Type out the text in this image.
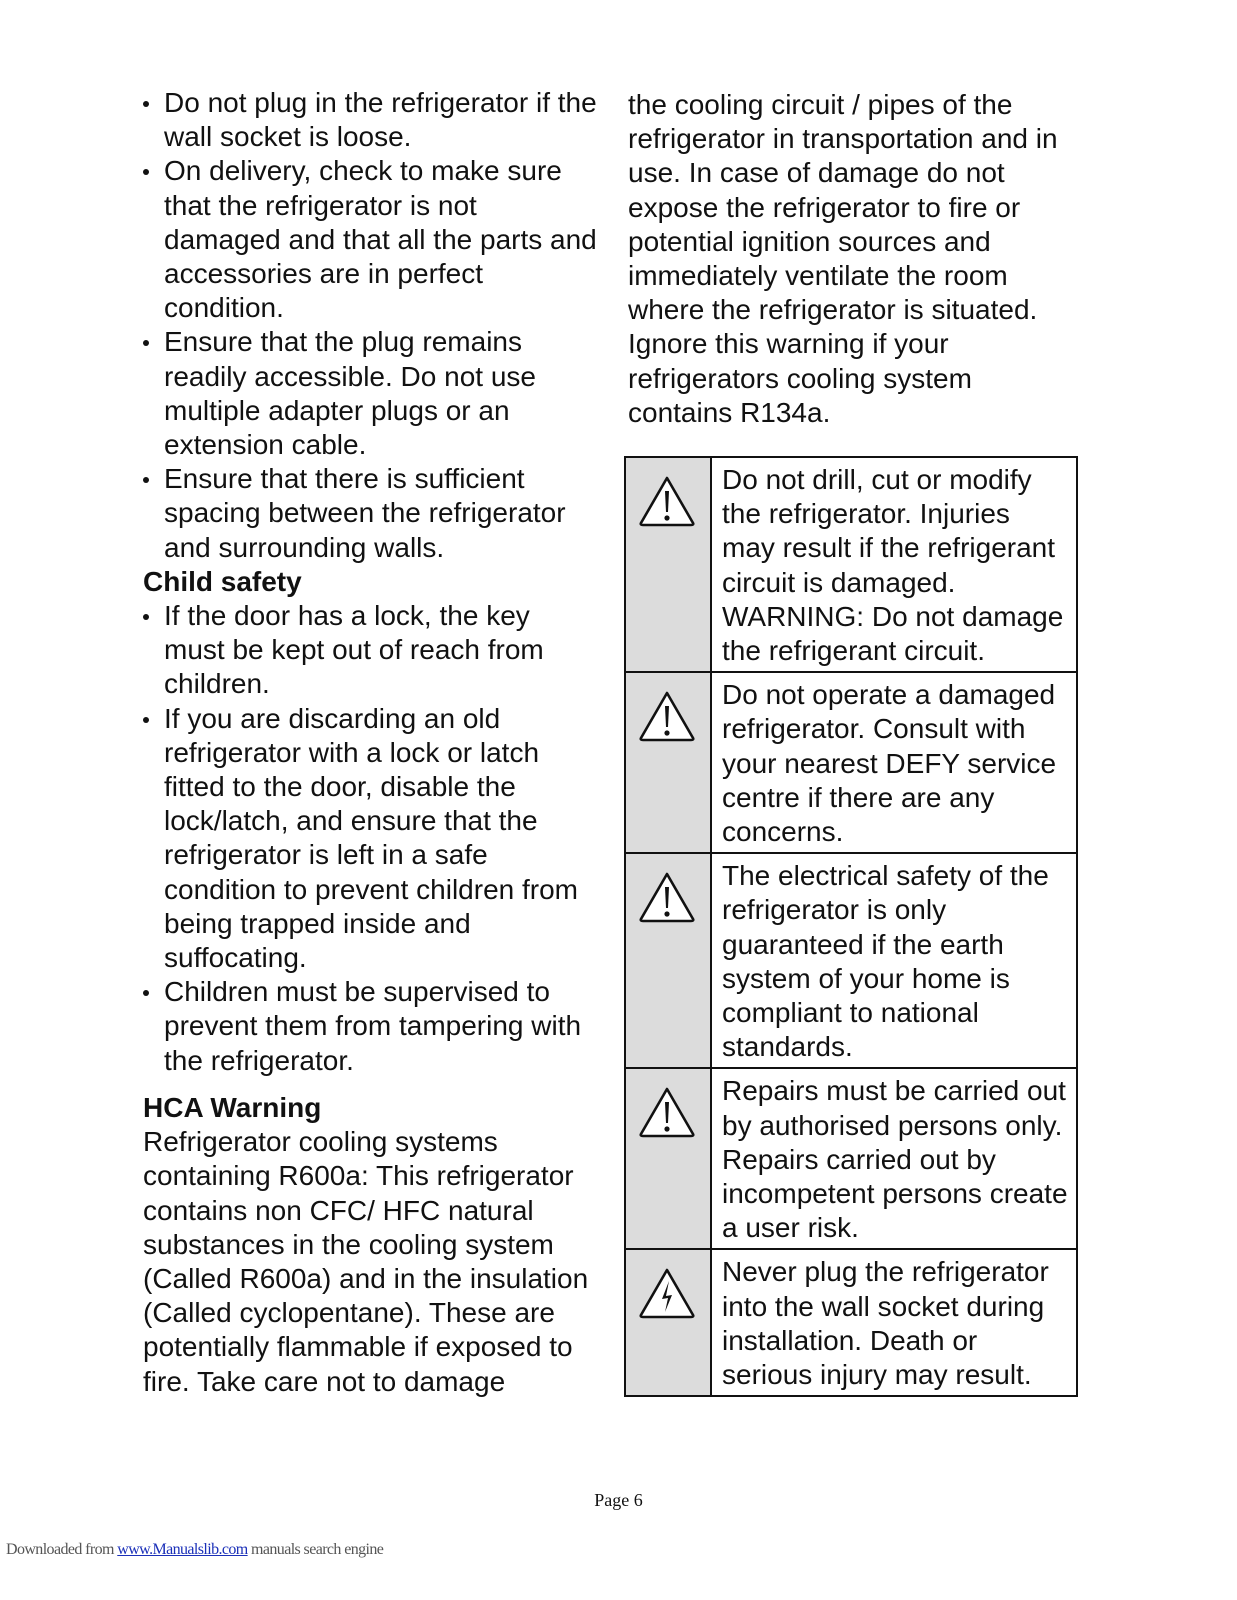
Do not plug in the refrigerator if the wall socket is loose.
On delivery, check to make sure that the refrigerator is not damaged and that all the parts and accessories are in perfect condition.
Ensure that the plug remains readily accessible. Do not use multiple adapter plugs or an extension cable.
Ensure that there is sufficient spacing between the refrigerator and surrounding walls.
Child safety
If the door has a lock, the key must be kept out of reach from children.
If you are discarding an old refrigerator with a lock or latch fitted to the door, disable the lock/latch, and ensure that the refrigerator is left in a safe condition to prevent children from being trapped inside and suffocating.
Children must be supervised to prevent them from tampering with the refrigerator.
HCA Warning
Refrigerator cooling systems containing R600a: This refrigerator contains non CFC/ HFC natural substances in the cooling system (Called R600a) and in the insulation (Called cyclopentane). These are potentially flammable if exposed to fire. Take care not to damage
the cooling circuit / pipes of the refrigerator in transportation and in use. In case of damage do not expose the refrigerator to fire or potential ignition sources and immediately ventilate the room where the refrigerator is situated. Ignore this warning if your refrigerators cooling system contains R134a.
	Do not drill, cut or modify the refrigerator. Injuries may result if the refrigerant circuit is damaged. WARNING: Do not damage the refrigerant circuit.

	Do not operate a damaged refrigerator. Consult with your nearest DEFY service centre if there are any concerns.

	The electrical safety of the refrigerator is only guaranteed if the earth system of your home is compliant to national standards.

	Repairs must be carried out by authorised persons only. Repairs carried out by incompetent persons create a user risk.

	Never plug the refrigerator into the wall socket during installation. Death or serious injury may result.
Page 6
Downloaded from www.Manualslib.com manuals search engine
